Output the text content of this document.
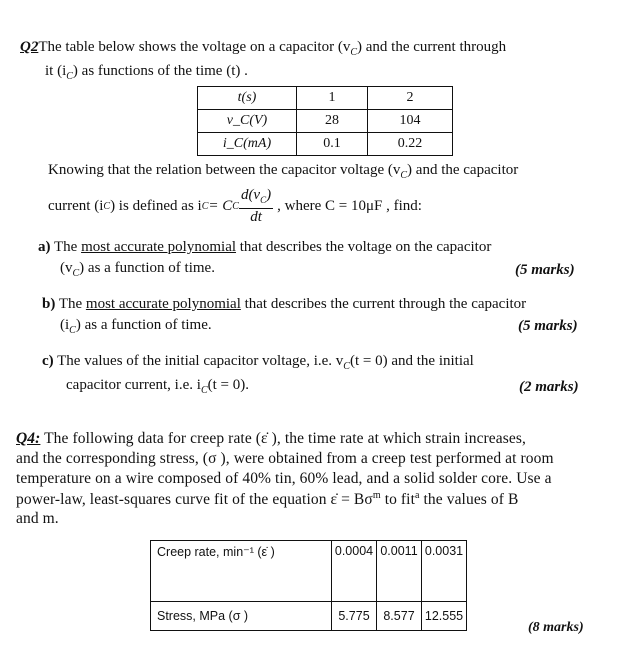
Q2The table below shows the voltage on a capacitor $(v_C)$ and the current through
it $(i_C)$ as functions of the time (t) .
t(s)	1	2
v_C(V)	28	104
i_C(mA)	0.1	0.22
Knowing that the relation between the capacitor voltage $(v_C)$ and the capacitor
current (i C ) is defined as i C = C C $\frac{d(v_C)}{dt}$ , where C = 10μF , find:
a) The most accurate polynomial that describes the voltage on the capacitor
$(v_C)$ as a function of time.	(5 marks)
b) The most accurate polynomial that describes the current through the capacitor
$(i_C)$ as a function of time.	(5 marks)
c) The values of the initial capacitor voltage, i.e. $v_C(t = 0)$ and the initial
capacitor current, i.e. $i_C(t = 0)$.	(2 marks)
Q4: The following data for creep rate (ε̇ ), the time rate at which strain increases,
and the corresponding stress, (σ ), were obtained from a creep test performed at room
temperature on a wire composed of 40% tin, 60% lead, and a solid solder core. Use a
power-law, least-squares curve fit of the equation ε̇ = $B\sigma^m$ to fit$^a$ the values of B
and m.
Creep rate, min⁻¹ (ε̇ )	0.0004	0.0011	0.0031
Stress, MPa (σ )	5.775	8.577	12.555
(8 marks)
